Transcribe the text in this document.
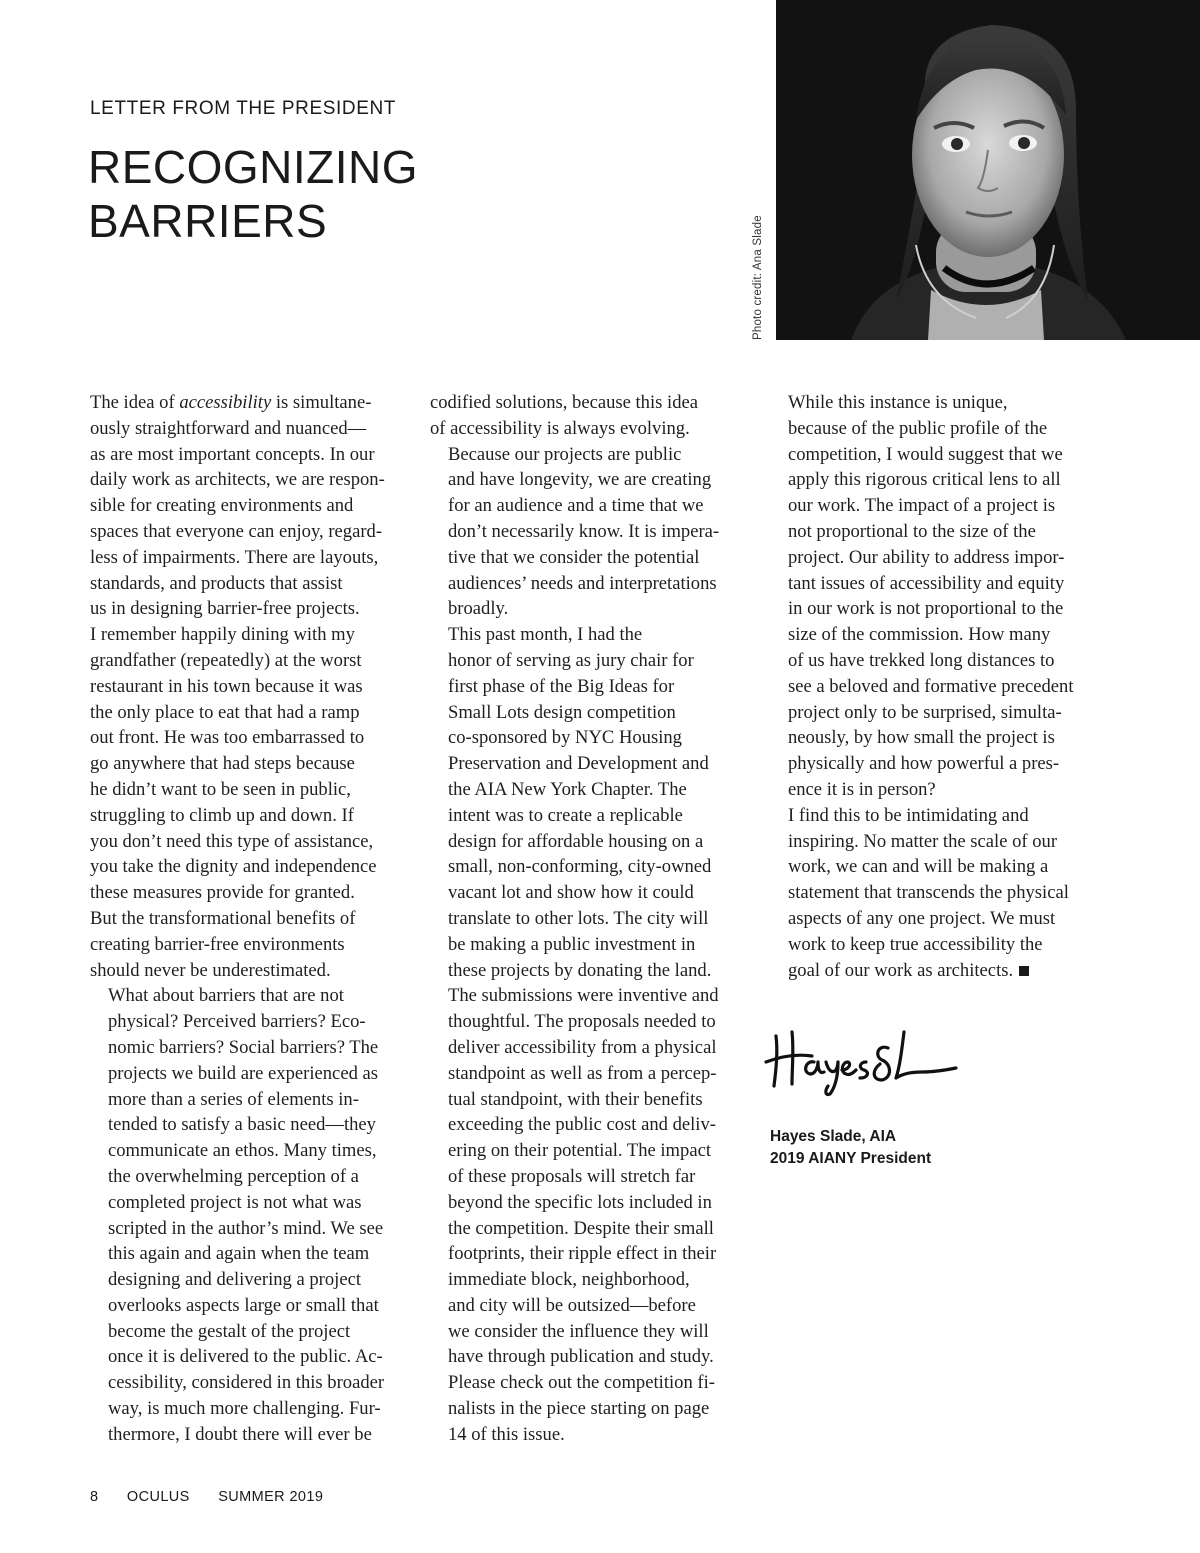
LETTER FROM THE PRESIDENT
RECOGNIZING
BARRIERS	Photo credit: Ana Slade

The idea of accessibility is simultane-
ously straightforward and nuanced—
as are most important concepts. In our
daily work as architects, we are respon-
sible for creating environments and
spaces that everyone can enjoy, regard-
less of impairments. There are layouts,
standards, and products that assist
us in designing barrier-free projects.
I remember happily dining with my
grandfather (repeatedly) at the worst
restaurant in his town because it was
the only place to eat that had a ramp
out front. He was too embarrassed to
go anywhere that had steps because
he didn’t want to be seen in public,
struggling to climb up and down. If
you don’t need this type of assistance,
you take the dignity and independence
these measures provide for granted.
But the transformational benefits of
creating barrier-free environments
should never be underestimated.

What about barriers that are not
physical? Perceived barriers? Eco-
nomic barriers? Social barriers? The
projects we build are experienced as
more than a series of elements in-
tended to satisfy a basic need—they
communicate an ethos. Many times,
the overwhelming perception of a
completed project is not what was
scripted in the author’s mind. We see
this again and again when the team
designing and delivering a project
overlooks aspects large or small that
become the gestalt of the project
once it is delivered to the public. Ac-
cessibility, considered in this broader
way, is much more challenging. Fur-
thermore, I doubt there will ever be

codified solutions, because this idea
of accessibility is always evolving.

Because our projects are public
and have longevity, we are creating
for an audience and a time that we
don’t necessarily know. It is impera-
tive that we consider the potential
audiences’ needs and interpretations
broadly.

This past month, I had the
honor of serving as jury chair for
first phase of the Big Ideas for
Small Lots design competition
co-sponsored by NYC Housing
Preservation and Development and
the AIA New York Chapter. The
intent was to create a replicable
design for affordable housing on a
small, non-conforming, city-owned
vacant lot and show how it could
translate to other lots. The city will
be making a public investment in
these projects by donating the land.
The submissions were inventive and
thoughtful. The proposals needed to
deliver accessibility from a physical
standpoint as well as from a percep-
tual standpoint, with their benefits
exceeding the public cost and deliv-
ering on their potential. The impact
of these proposals will stretch far
beyond the specific lots included in
the competition. Despite their small
footprints, their ripple effect in their
immediate block, neighborhood,
and city will be outsized—before
we consider the influence they will
have through publication and study.
Please check out the competition fi-
nalists in the piece starting on page
14 of this issue.

While this instance is unique,
because of the public profile of the
competition, I would suggest that we
apply this rigorous critical lens to all
our work. The impact of a project is
not proportional to the size of the
project. Our ability to address impor-
tant issues of accessibility and equity
in our work is not proportional to the
size of the commission. How many
of us have trekked long distances to
see a beloved and formative precedent
project only to be surprised, simulta-
neously, by how small the project is
physically and how powerful a pres-
ence it is in person?

I find this to be intimidating and
inspiring. No matter the scale of our
work, we can and will be making a
statement that transcends the physical
aspects of any one project. We must
work to keep true accessibility the
goal of our work as architects.

Hayes Slade, AIA
2019 AIANY President
8 OCULUS SUMMER 2019
